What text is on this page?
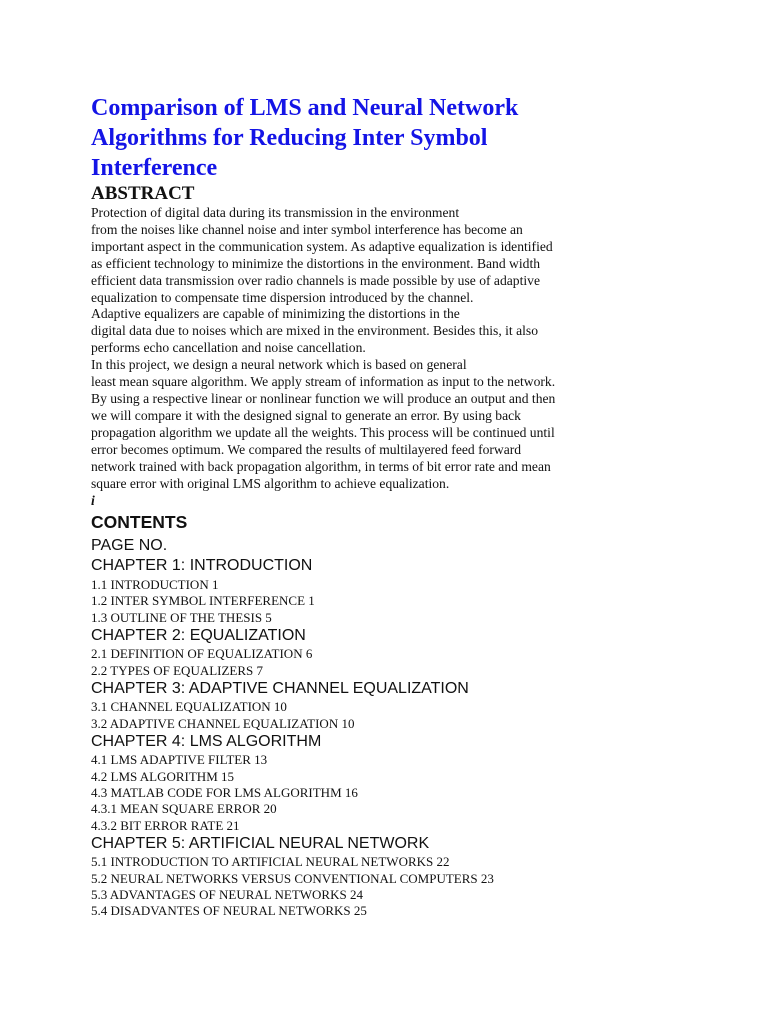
Comparison of LMS and Neural Network
Algorithms for Reducing Inter Symbol
Interference
ABSTRACT

Protection of digital data during its transmission in the environment

from the noises like channel noise and inter symbol interference has become an

important aspect in the communication system. As adaptive equalization is identified

as efficient technology to minimize the distortions in the environment. Band width

efficient data transmission over radio channels is made possible by use of adaptive

equalization to compensate time dispersion introduced by the channel.

Adaptive equalizers are capable of minimizing the distortions in the

digital data due to noises which are mixed in the environment. Besides this, it also

performs echo cancellation and noise cancellation.

In this project, we design a neural network which is based on general

least mean square algorithm. We apply stream of information as input to the network.

By using a respective linear or nonlinear function we will produce an output and then

we will compare it with the designed signal to generate an error. By using back

propagation algorithm we update all the weights. This process will be continued until

error becomes optimum. We compared the results of multilayered feed forward

network trained with back propagation algorithm, in terms of bit error rate and mean

square error with original LMS algorithm to achieve equalization.

i

CONTENTS
PAGE NO.
CHAPTER 1: INTRODUCTION
1.1 INTRODUCTION 1
1.2 INTER SYMBOL INTERFERENCE 1
1.3 OUTLINE OF THE THESIS 5
CHAPTER 2: EQUALIZATION
2.1 DEFINITION OF EQUALIZATION 6
2.2 TYPES OF EQUALIZERS 7
CHAPTER 3: ADAPTIVE CHANNEL EQUALIZATION
3.1 CHANNEL EQUALIZATION 10
3.2 ADAPTIVE CHANNEL EQUALIZATION 10
CHAPTER 4: LMS ALGORITHM
4.1 LMS ADAPTIVE FILTER 13
4.2 LMS ALGORITHM 15
4.3 MATLAB CODE FOR LMS ALGORITHM 16
4.3.1 MEAN SQUARE ERROR 20
4.3.2 BIT ERROR RATE 21
CHAPTER 5: ARTIFICIAL NEURAL NETWORK
5.1 INTRODUCTION TO ARTIFICIAL NEURAL NETWORKS 22
5.2 NEURAL NETWORKS VERSUS CONVENTIONAL COMPUTERS 23
5.3 ADVANTAGES OF NEURAL NETWORKS 24
5.4 DISADVANTES OF NEURAL NETWORKS 25
